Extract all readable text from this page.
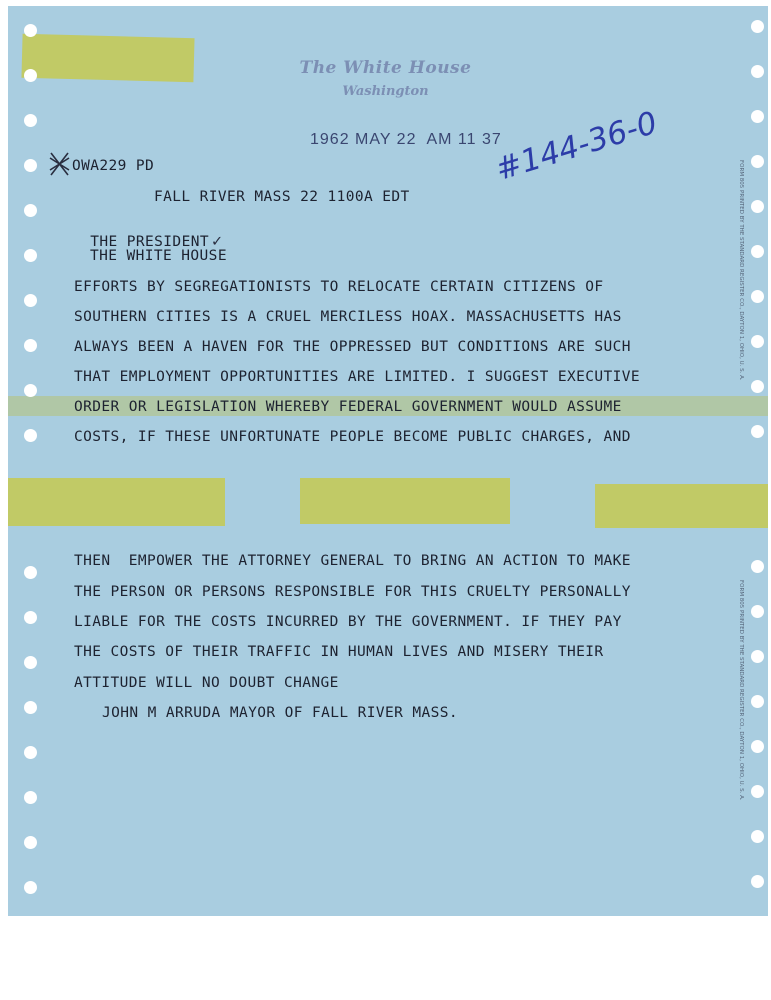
The White House
Washington
1962 MAY 22  AM 11 37
#144-36-0
OWA229 PD
FALL RIVER MASS 22 1100A EDT

THE PRESIDENT ✓

THE WHITE HOUSE
EFFORTS BY SEGREGATIONISTS TO RELOCATE CERTAIN CITIZENS OF
SOUTHERN CITIES IS A CRUEL MERCILESS HOAX. MASSACHUSETTS HAS
ALWAYS BEEN A HAVEN FOR THE OPPRESSED BUT CONDITIONS ARE SUCH
THAT EMPLOYMENT OPPORTUNITIES ARE LIMITED. I SUGGEST EXECUTIVE
ORDER OR LEGISLATION WHEREBY FEDERAL GOVERNMENT WOULD ASSUME
COSTS, IF THESE UNFORTUNATE PEOPLE BECOME PUBLIC CHARGES, AND
THEN  EMPOWER THE ATTORNEY GENERAL TO BRING AN ACTION TO MAKE
THE PERSON OR PERSONS RESPONSIBLE FOR THIS CRUELTY PERSONALLY
LIABLE FOR THE COSTS INCURRED BY THE GOVERNMENT. IF THEY PAY
THE COSTS OF THEIR TRAFFIC IN HUMAN LIVES AND MISERY THEIR
ATTITUDE WILL NO DOUBT CHANGE
JOHN M ARRUDA MAYOR OF FALL RIVER MASS.
FORM 805 PRINTED BY THE STANDARD REGISTER CO., DAYTON 1, OHIO, U. S. A.
FORM 805 PRINTED BY THE STANDARD REGISTER CO., DAYTON 1, OHIO, U. S. A.
